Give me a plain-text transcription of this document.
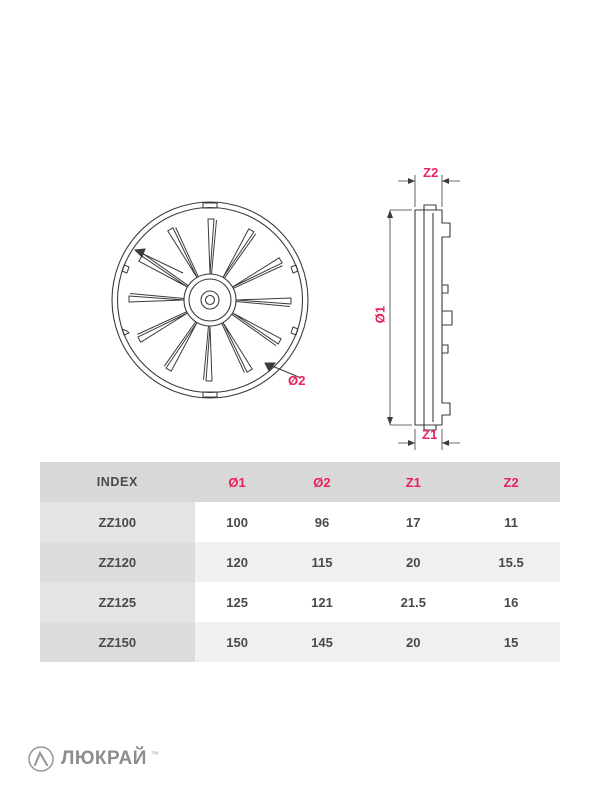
Ø2
Z2
Z1
Ø1
INDEX	Ø1	Ø2	Z1	Z2
ZZ100	100	96	17	11
ZZ120	120	115	20	15.5
ZZ125	125	121	21.5	16
ZZ150	150	145	20	15
ЛЮКРАЙ ™
